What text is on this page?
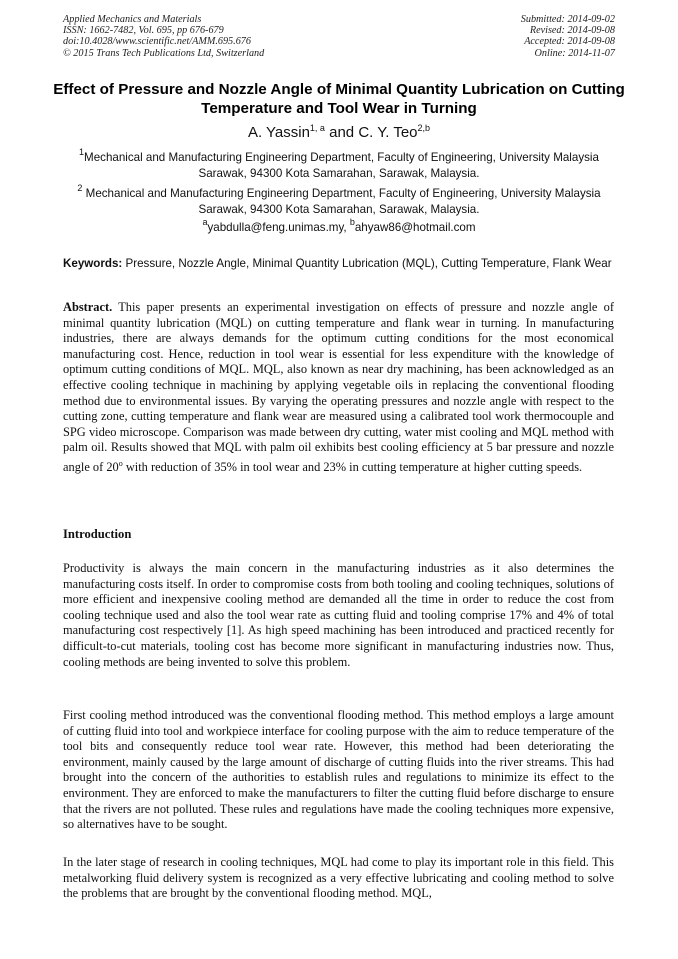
Applied Mechanics and Materials
ISSN: 1662-7482, Vol. 695, pp 676-679
doi:10.4028/www.scientific.net/AMM.695.676
© 2015 Trans Tech Publications Ltd, Switzerland
Submitted: 2014-09-02
Revised: 2014-09-08
Accepted: 2014-09-08
Online: 2014-11-07
Effect of Pressure and Nozzle Angle of Minimal Quantity Lubrication on Cutting Temperature and Tool Wear in Turning
A. Yassin$^{1, a}$ and C. Y. Teo$^{2,b}$
$^1$Mechanical and Manufacturing Engineering Department, Faculty of Engineering, University Malaysia Sarawak, 94300 Kota Samarahan, Sarawak, Malaysia.
$^2$ Mechanical and Manufacturing Engineering Department, Faculty of Engineering, University Malaysia Sarawak, 94300 Kota Samarahan, Sarawak, Malaysia.
$^a$yabdulla@feng.unimas.my, $^b$ahyaw86@hotmail.com
Keywords: Pressure, Nozzle Angle, Minimal Quantity Lubrication (MQL), Cutting Temperature, Flank Wear
Abstract. This paper presents an experimental investigation on effects of pressure and nozzle angle of minimal quantity lubrication (MQL) on cutting temperature and flank wear in turning. In manufacturing industries, there are always demands for the optimum cutting conditions for the most economical manufacturing cost. Hence, reduction in tool wear is essential for less expenditure with the knowledge of optimum cutting conditions of MQL. MQL, also known as near dry machining, has been acknowledged as an effective cooling technique in machining by applying vegetable oils in replacing the conventional flooding method due to environmental issues. By varying the operating pressures and nozzle angle with respect to the cutting zone, cutting temperature and flank wear are measured using a calibrated tool work thermocouple and SPG video microscope. Comparison was made between dry cutting, water mist cooling and MQL method with palm oil. Results showed that MQL with palm oil exhibits best cooling efficiency at 5 bar pressure and nozzle angle of 20$^o$ with reduction of 35% in tool wear and 23% in cutting temperature at higher cutting speeds.
Introduction
Productivity is always the main concern in the manufacturing industries as it also determines the manufacturing costs itself. In order to compromise costs from both tooling and cooling techniques, solutions of more efficient and inexpensive cooling method are demanded all the time in order to reduce the cost from cooling technique used and also the tool wear rate as cutting fluid and tooling comprise 17% and 4% of total manufacturing cost respectively [1]. As high speed machining has been introduced and practiced recently for difficult-to-cut materials, tooling cost has become more significant in manufacturing industries now. Thus, cooling methods are being invented to solve this problem.
First cooling method introduced was the conventional flooding method. This method employs a large amount of cutting fluid into tool and workpiece interface for cooling purpose with the aim to reduce temperature of the tool bits and consequently reduce tool wear rate. However, this method had been deteriorating the environment, mainly caused by the large amount of discharge of cutting fluids into the river streams. This had brought into the concern of the authorities to establish rules and regulations to minimize its effect to the environment. They are enforced to make the manufacturers to filter the cutting fluid before discharge to ensure that the rivers are not polluted. These rules and regulations have made the cooling techniques more expensive, so alternatives have to be sought.
In the later stage of research in cooling techniques, MQL had come to play its important role in this field. This metalworking fluid delivery system is recognized as a very effective lubricating and cooling method to solve the problems that are brought by the conventional flooding method. MQL,
